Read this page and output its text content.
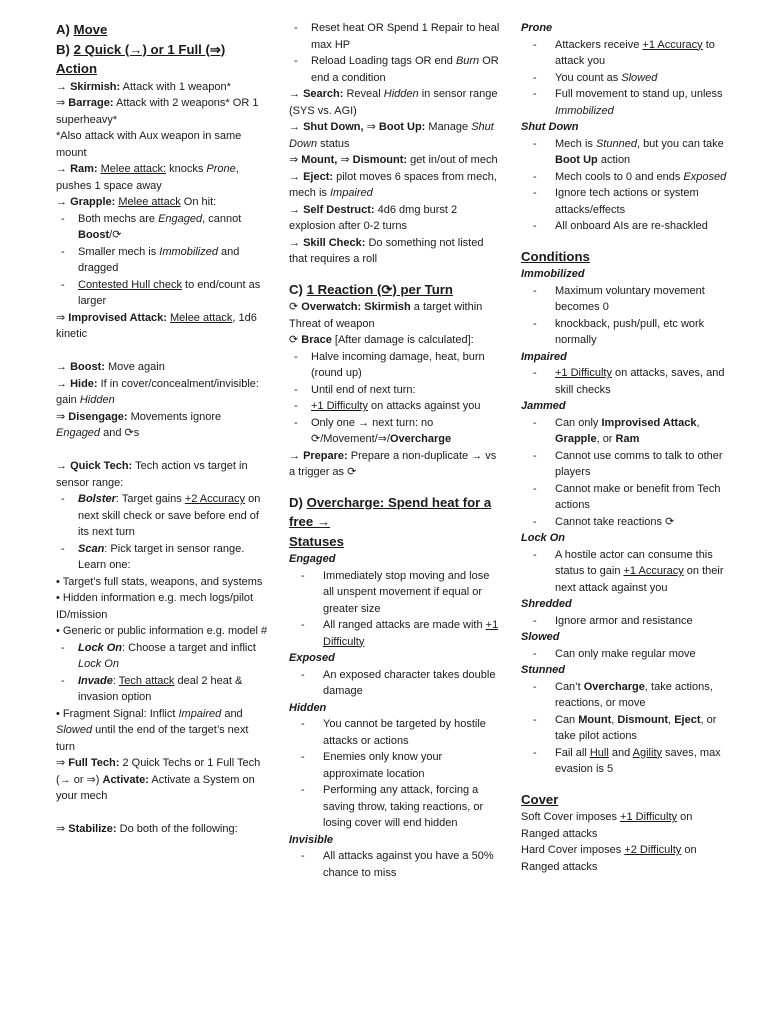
A) Move
B) 2 Quick (→) or 1 Full (⇒) Action
→ Skirmish: Attack with 1 weapon*
⇒ Barrage: Attack with 2 weapons* OR 1 superheavy*
*Also attack with Aux weapon in same mount
→ Ram: Melee attack: knocks Prone, pushes 1 space away
→ Grapple: Melee attack On hit:
- Both mechs are Engaged, cannot Boost/⟳
- Smaller mech is Immobilized and dragged
- Contested Hull check to end/count as larger
⇒ Improvised Attack: Melee attack, 1d6 kinetic
→ Boost: Move again
→ Hide: If in cover/concealment/invisible: gain Hidden
⇒ Disengage: Movements ignore Engaged and ⟳s
→ Quick Tech: Tech action vs target in sensor range:
- Bolster: Target gains +2 Accuracy on next skill check or save before end of its next turn
- Scan: Pick target in sensor range. Learn one:
• Target’s full stats, weapons, and systems
• Hidden information e.g. mech logs/pilot ID/mission
• Generic or public information e.g. model #
- Lock On: Choose a target and inflict Lock On
- Invade: Tech attack deal 2 heat & invasion option
• Fragment Signal: Inflict Impaired and Slowed until the end of the target’s next turn
⇒ Full Tech: 2 Quick Techs or 1 Full Tech (→ or ⇒) Activate: Activate a System on your mech
⇒ Stabilize: Do both of the following:
- Reset heat OR Spend 1 Repair to heal max HP
- Reload Loading tags OR end Burn OR end a condition
→ Search: Reveal Hidden in sensor range (SYS vs. AGI)
→ Shut Down, ⇒ Boot Up: Manage Shut Down status
⇒ Mount, ⇒ Dismount: get in/out of mech
→ Eject: pilot moves 6 spaces from mech, mech is Impaired
→ Self Destruct: 4d6 dmg burst 2 explosion after 0-2 turns
→ Skill Check: Do something not listed that requires a roll
C) 1 Reaction (⟳) per Turn
⟳ Overwatch: Skirmish a target within Threat of weapon
⟳ Brace [After damage is calculated]:
- Halve incoming damage, heat, burn (round up)
- Until end of next turn:
- +1 Difficulty on attacks against you
- Only one → next turn: no ⟳/Movement/⇒/Overcharge
→ Prepare: Prepare a non-duplicate → vs a trigger as ⟳
D) Overcharge: Spend heat for a free →
Statuses
Engaged
- Immediately stop moving and lose all unspent movement if equal or greater size
- All ranged attacks are made with +1 Difficulty
Exposed
- An exposed character takes double damage
Hidden
- You cannot be targeted by hostile attacks or actions
- Enemies only know your approximate location
- Performing any attack, forcing a saving throw, taking reactions, or losing cover will end hidden
Invisible
- All attacks against you have a 50% chance to miss
Prone
- Attackers receive +1 Accuracy to attack you
- You count as Slowed
- Full movement to stand up, unless Immobilized
Shut Down
- Mech is Stunned, but you can take Boot Up action
- Mech cools to 0 and ends Exposed
- Ignore tech actions or system attacks/effects
- All onboard AIs are re-shackled
Conditions
Immobilized
- Maximum voluntary movement becomes 0
- knockback, push/pull, etc work normally
Impaired
- +1 Difficulty on attacks, saves, and skill checks
Jammed
- Can only Improvised Attack, Grapple, or Ram
- Cannot use comms to talk to other players
- Cannot make or benefit from Tech actions
- Cannot take reactions ⟳
Lock On
- A hostile actor can consume this status to gain +1 Accuracy on their next attack against you
Shredded
- Ignore armor and resistance
Slowed
- Can only make regular move
Stunned
- Can’t Overcharge, take actions, reactions, or move
- Can Mount, Dismount, Eject, or take pilot actions
- Fail all Hull and Agility saves, max evasion is 5
Cover
Soft Cover imposes +1 Difficulty on Ranged attacks
Hard Cover imposes +2 Difficulty on Ranged attacks
